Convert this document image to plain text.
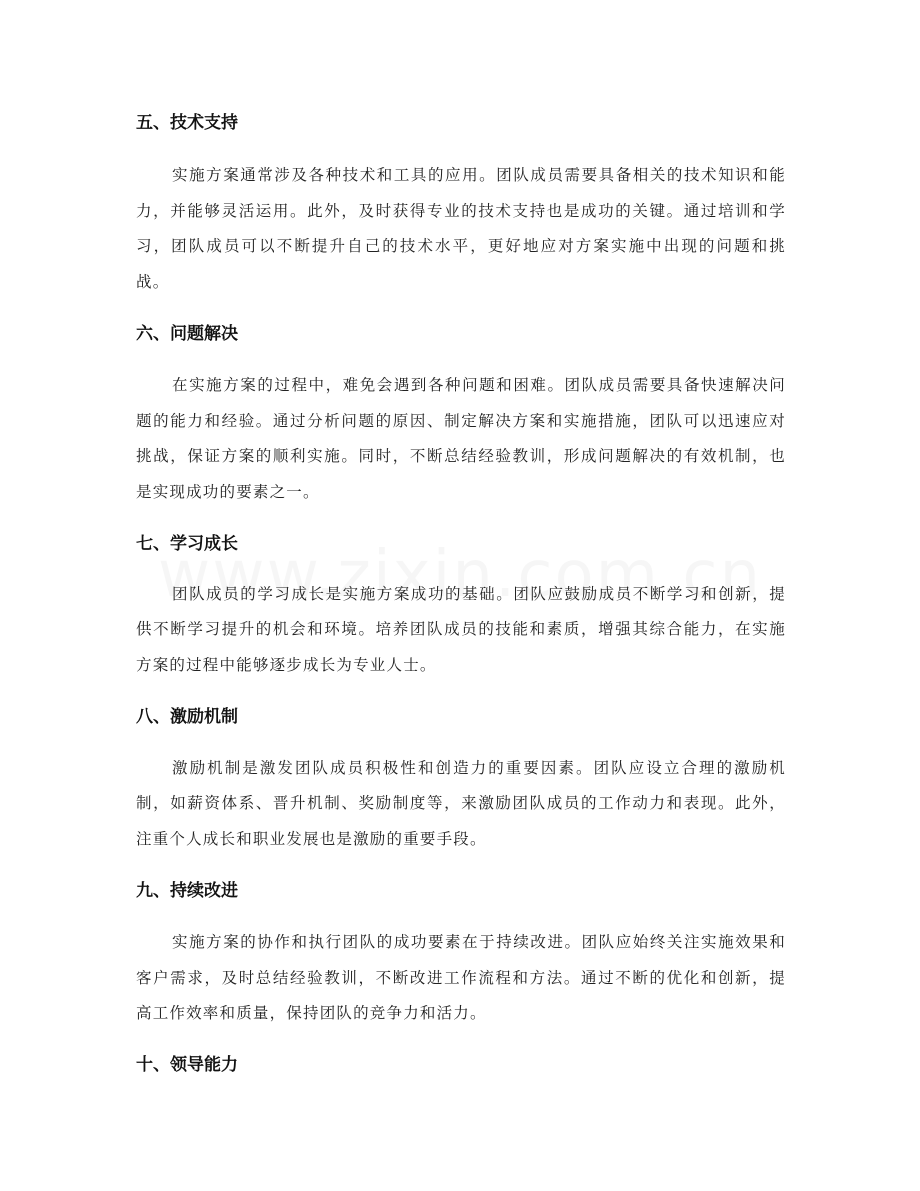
五、技术支持

实施方案通常涉及各种技术和工具的应用。团队成员需要具备相关的技术知识和能力，并能够灵活运用。此外，及时获得专业的技术支持也是成功的关键。通过培训和学习，团队成员可以不断提升自己的技术水平，更好地应对方案实施中出现的问题和挑战。

六、问题解决

在实施方案的过程中，难免会遇到各种问题和困难。团队成员需要具备快速解决问题的能力和经验。通过分析问题的原因、制定解决方案和实施措施，团队可以迅速应对挑战，保证方案的顺利实施。同时，不断总结经验教训，形成问题解决的有效机制，也是实现成功的要素之一。

七、学习成长

团队成员的学习成长是实施方案成功的基础。团队应鼓励成员不断学习和创新，提供不断学习提升的机会和环境。培养团队成员的技能和素质，增强其综合能力，在实施方案的过程中能够逐步成长为专业人士。

八、激励机制

激励机制是激发团队成员积极性和创造力的重要因素。团队应设立合理的激励机制，如薪资体系、晋升机制、奖励制度等，来激励团队成员的工作动力和表现。此外，注重个人成长和职业发展也是激励的重要手段。

九、持续改进

实施方案的协作和执行团队的成功要素在于持续改进。团队应始终关注实施效果和客户需求，及时总结经验教训，不断改进工作流程和方法。通过不断的优化和创新，提高工作效率和质量，保持团队的竞争力和活力。

十、领导能力
